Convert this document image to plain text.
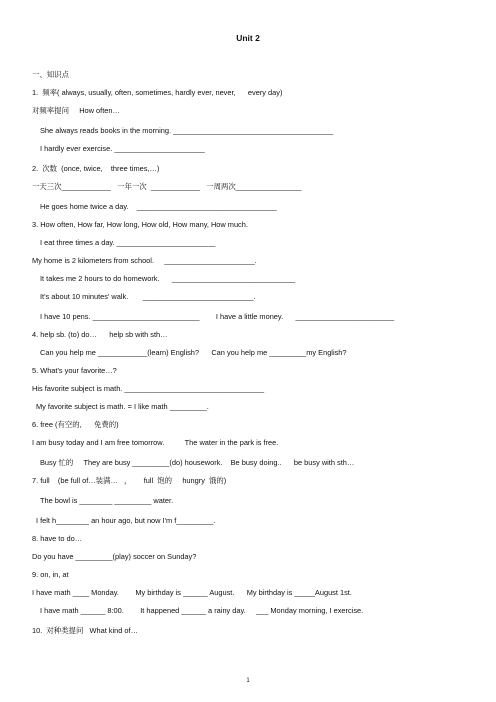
Unit 2
一、知识点
1.  频率( always, usually, often, sometimes, hardly ever, never,      every day)
对频率提问     How often…
She always reads books in the morning. _______________________________________
I hardly ever exercise. ______________________
2.  次数  (once, twice,    three times,…)
一天三次____________   一年一次  ____________   一周两次________________
He goes home twice a day.    __________________________________
3. How often, How far, How long, How old, How many, How much.
I eat three times a day. ________________________
My home is 2 kilometers from school.     ______________________.
It takes me 2 hours to do homework.      ______________________________
It's about 10 minutes' walk.       ___________________________.
I have 10 pens. __________________________        I have a little money.      ________________________
4. help sb. (to) do…      help sb with sth…
Can you help me ____________(learn) English?      Can you help me _________my English?
5. What's your favorite…?
His favorite subject is math. __________________________________
My favorite subject is math. = I like math _________.
6. free (有空的,      免费的)
I am busy today and I am free tomorrow.          The water in the park is free.
Busy 忙的     They are busy _________(do) housework.    Be busy doing..      be busy with sth…
7. full    (be full of…装满…   ，      full  饱的     hungry  饿的)
The bowl is ________ _________ water.
I felt h________ an hour ago, but now I'm f_________.
8. have to do…
Do you have _________(play) soccer on Sunday?
9. on, in, at
I have math ____ Monday.        My birthday is ______ August.      My birthday is _____August 1st.
I have math ______ 8:00.        It happened ______ a rainy day.     ___ Monday morning, I exercise.
10.  对种类提问   What kind of…
1
